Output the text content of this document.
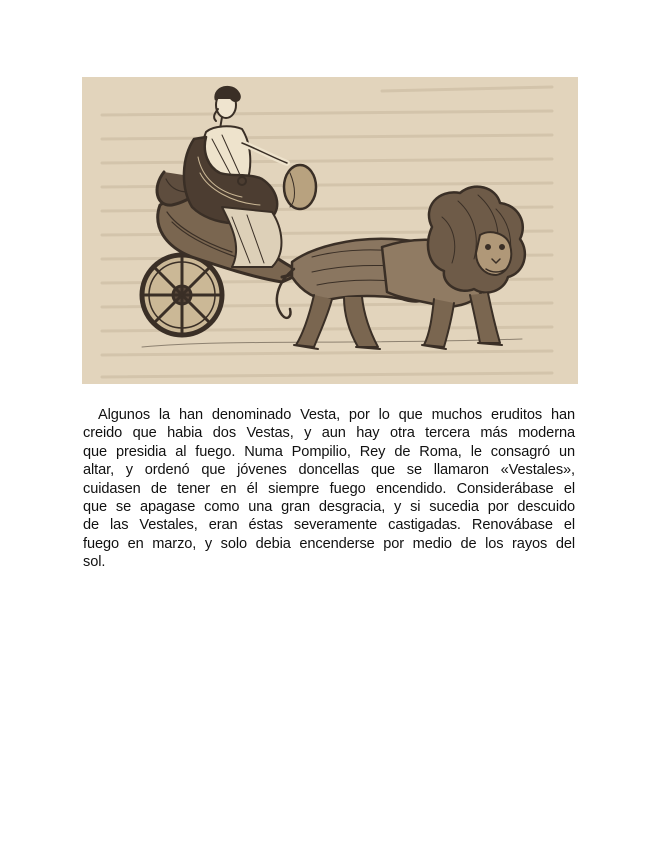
Algunos la han denominado Vesta, por lo que muchos eruditos han
creido que habia dos Vestas, y aun hay otra tercera más moderna
que presidia al fuego. Numa Pompilio, Rey de Roma, le consagró un
altar, y ordenó que jóvenes doncellas que se llamaron «Vestales»,
cuidasen de tener en él siempre fuego encendido. Considerábase el
que se apagase como una gran desgracia, y si sucedia por descuido
de las Vestales, eran éstas severamente castigadas. Renovábase el
fuego en marzo, y solo debia encenderse por medio de los rayos del
sol.
